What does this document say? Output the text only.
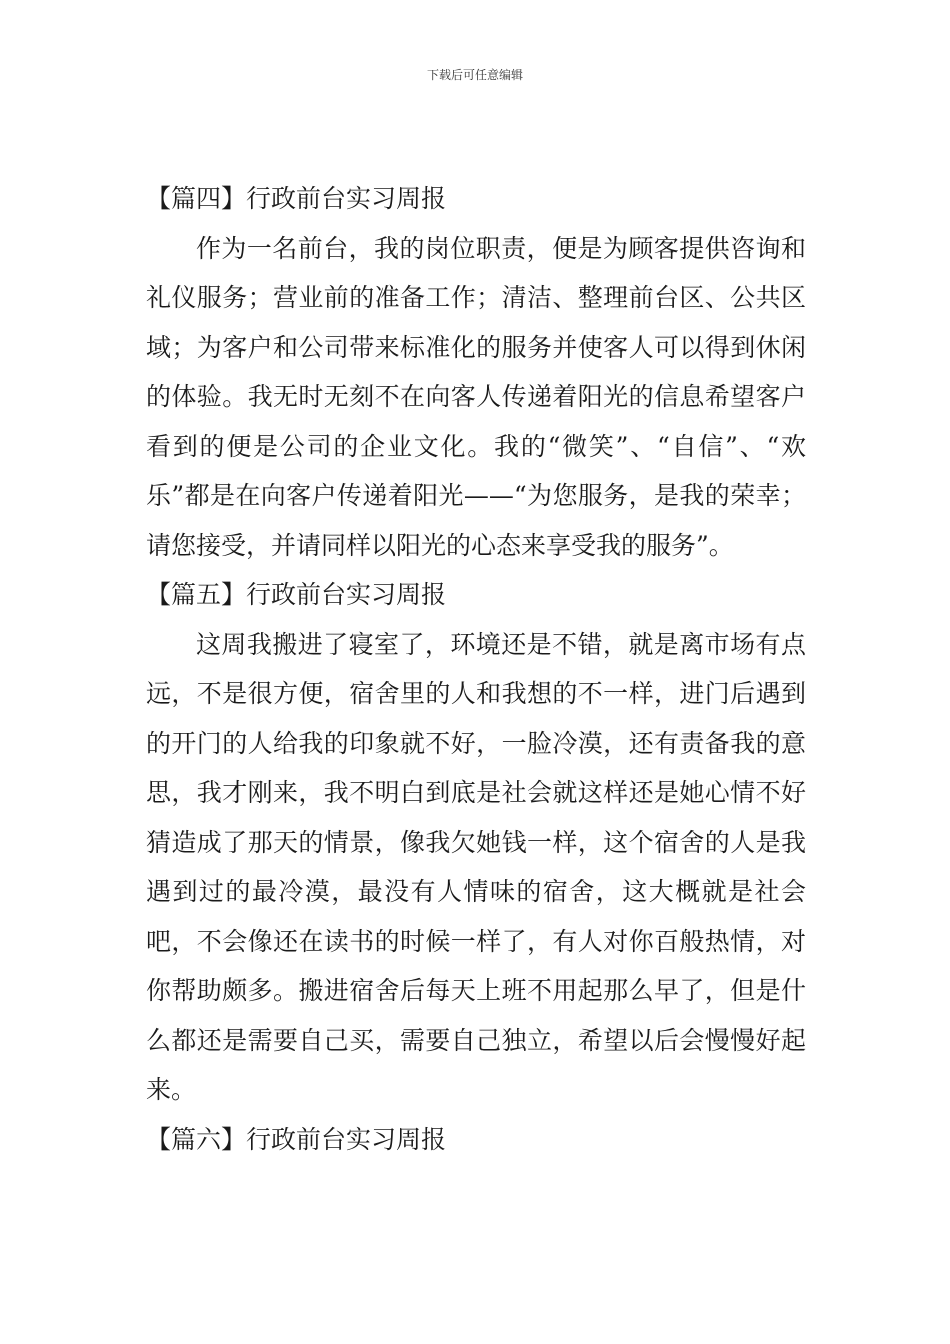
下载后可任意编辑
【篇四】行政前台实习周报
作为一名前台，我的岗位职责，便是为顾客提供咨询和礼仪服务；营业前的准备工作；清洁、整理前台区、公共区域；为客户和公司带来标准化的服务并使客人可以得到休闲的体验。我无时无刻不在向客人传递着阳光的信息希望客户看到的便是公司的企业文化。我的“微笑”、“自信”、“欢乐”都是在向客户传递着阳光——“为您服务，是我的荣幸；请您接受，并请同样以阳光的心态来享受我的服务”。
【篇五】行政前台实习周报
这周我搬进了寝室了，环境还是不错，就是离市场有点远，不是很方便，宿舍里的人和我想的不一样，进门后遇到的开门的人给我的印象就不好，一脸冷漠，还有责备我的意思，我才刚来，我不明白到底是社会就这样还是她心情不好猜造成了那天的情景，像我欠她钱一样，这个宿舍的人是我遇到过的最冷漠，最没有人情味的宿舍，这大概就是社会吧，不会像还在读书的时候一样了，有人对你百般热情，对你帮助颇多。搬进宿舍后每天上班不用起那么早了，但是什么都还是需要自己买，需要自己独立，希望以后会慢慢好起来。
【篇六】行政前台实习周报
